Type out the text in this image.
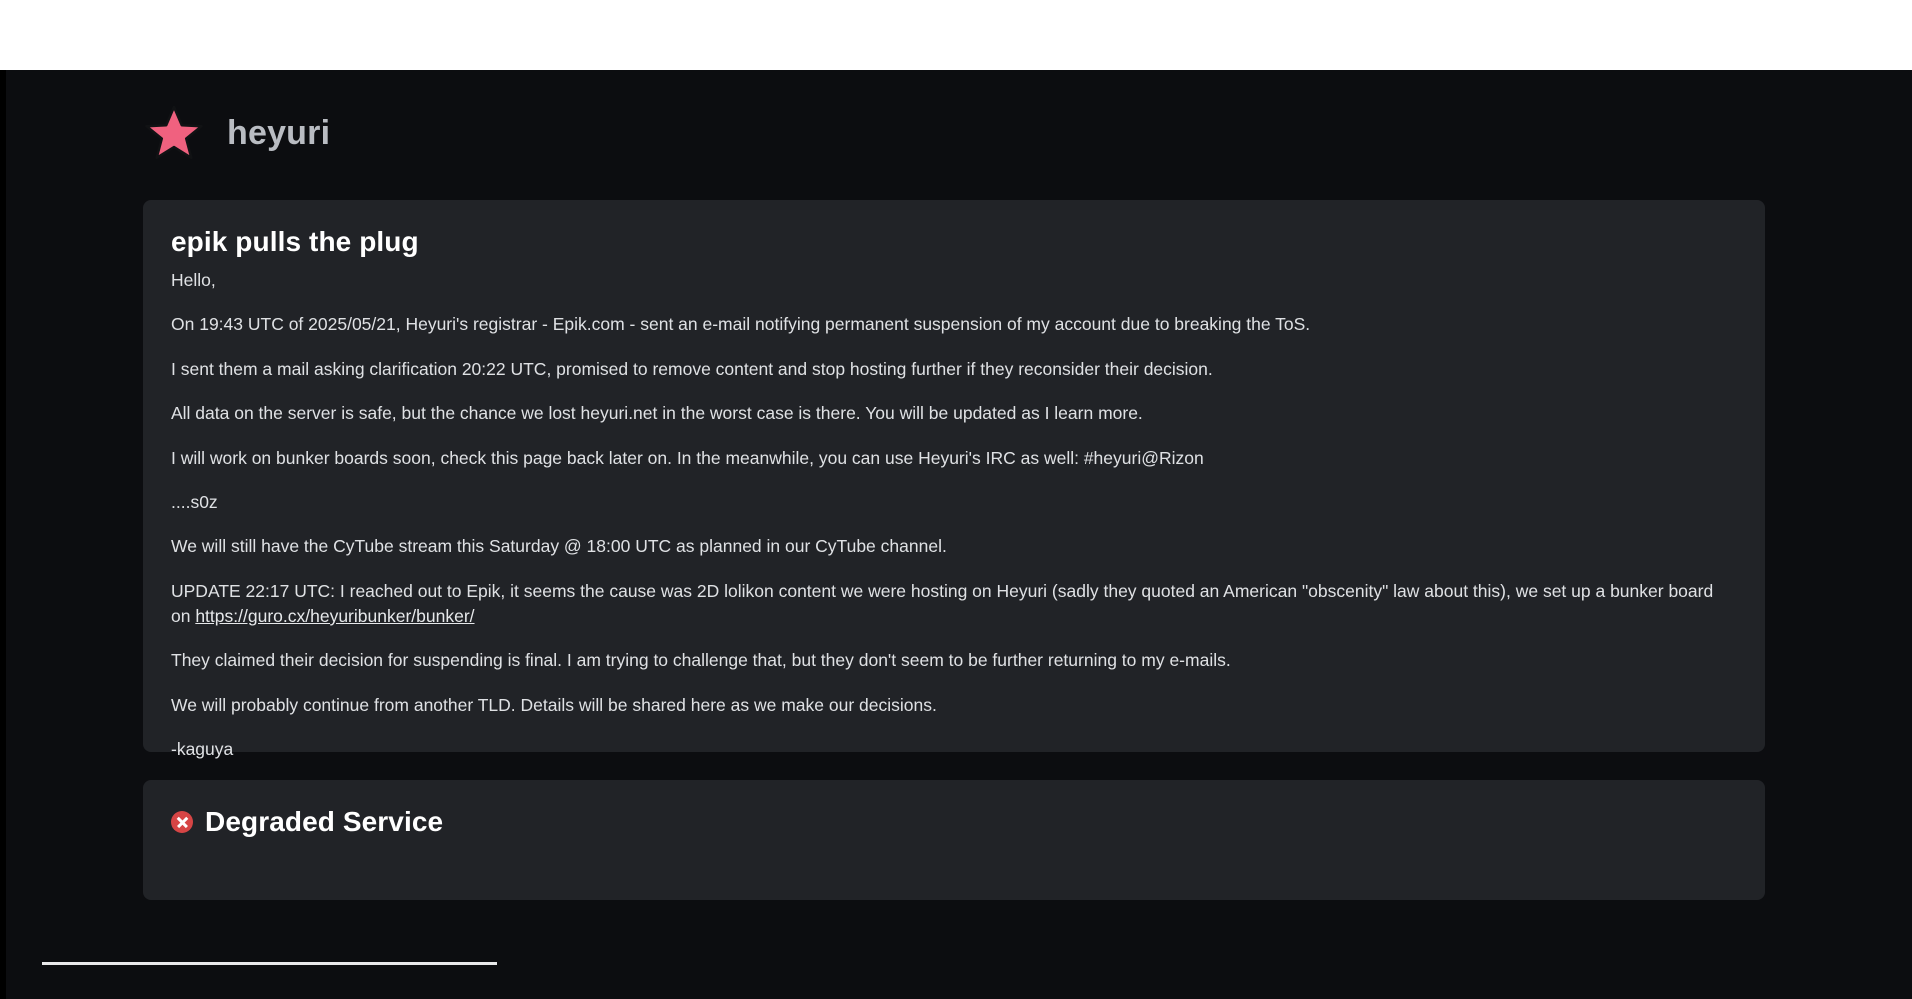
heyuri
epik pulls the plug

Hello,

On 19:43 UTC of 2025/05/21, Heyuri's registrar - Epik.com - sent an e-mail notifying permanent suspension of my account due to breaking the ToS.

I sent them a mail asking clarification 20:22 UTC, promised to remove content and stop hosting further if they reconsider their decision.

All data on the server is safe, but the chance we lost heyuri.net in the worst case is there. You will be updated as I learn more.

I will work on bunker boards soon, check this page back later on. In the meanwhile, you can use Heyuri's IRC as well: #heyuri@Rizon

....s0z

We will still have the CyTube stream this Saturday @ 18:00 UTC as planned in our CyTube channel.

UPDATE 22:17 UTC: I reached out to Epik, it seems the cause was 2D lolikon content we were hosting on Heyuri (sadly they quoted an American "obscenity" law about this), we set up a bunker board on https://guro.cx/heyuribunker/bunker/

They claimed their decision for suspending is final. I am trying to challenge that, but they don't seem to be further returning to my e-mails.

We will probably continue from another TLD. Details will be shared here as we make our decisions.

-kaguya

Degraded Service
